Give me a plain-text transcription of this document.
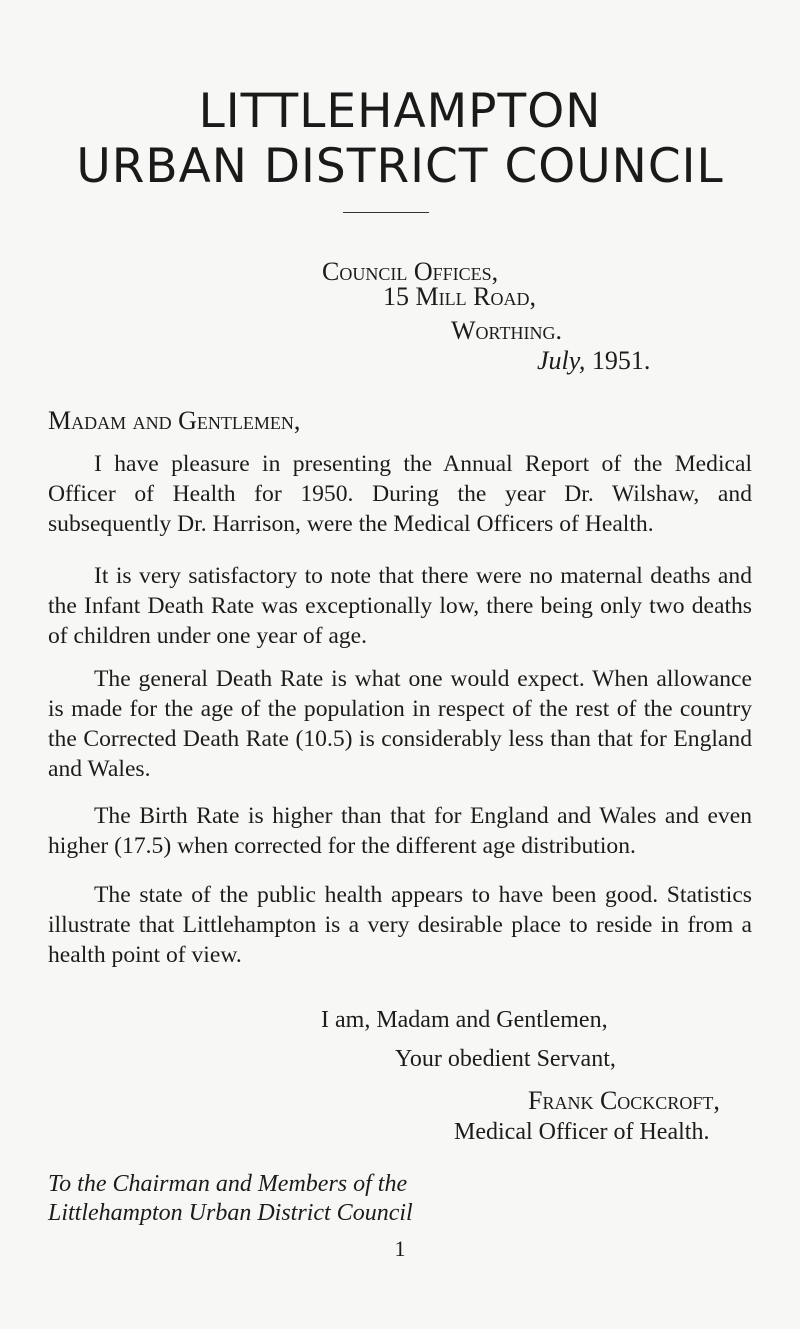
LITTLEHAMPTON
URBAN DISTRICT COUNCIL
Council Offices,
15 Mill Road,
Worthing.
July, 1951.
Madam and Gentlemen,

I have pleasure in presenting the Annual Report of the Medical Officer of Health for 1950. During the year Dr. Wilshaw, and subsequently Dr. Harrison, were the Medical Officers of Health.

It is very satisfactory to note that there were no maternal deaths and the Infant Death Rate was exceptionally low, there being only two deaths of children under one year of age.

The general Death Rate is what one would expect. When allowance is made for the age of the population in respect of the rest of the country the Corrected Death Rate (10.5) is considerably less than that for England and Wales.

The Birth Rate is higher than that for England and Wales and even higher (17.5) when corrected for the different age distribution.

The state of the public health appears to have been good. Statistics illustrate that Littlehampton is a very desirable place to reside in from a health point of view.

I am, Madam and Gentlemen,
Your obedient Servant,
Frank Cockcroft,
Medical Officer of Health.
To the Chairman and Members of the
Littlehampton Urban District Council
1
